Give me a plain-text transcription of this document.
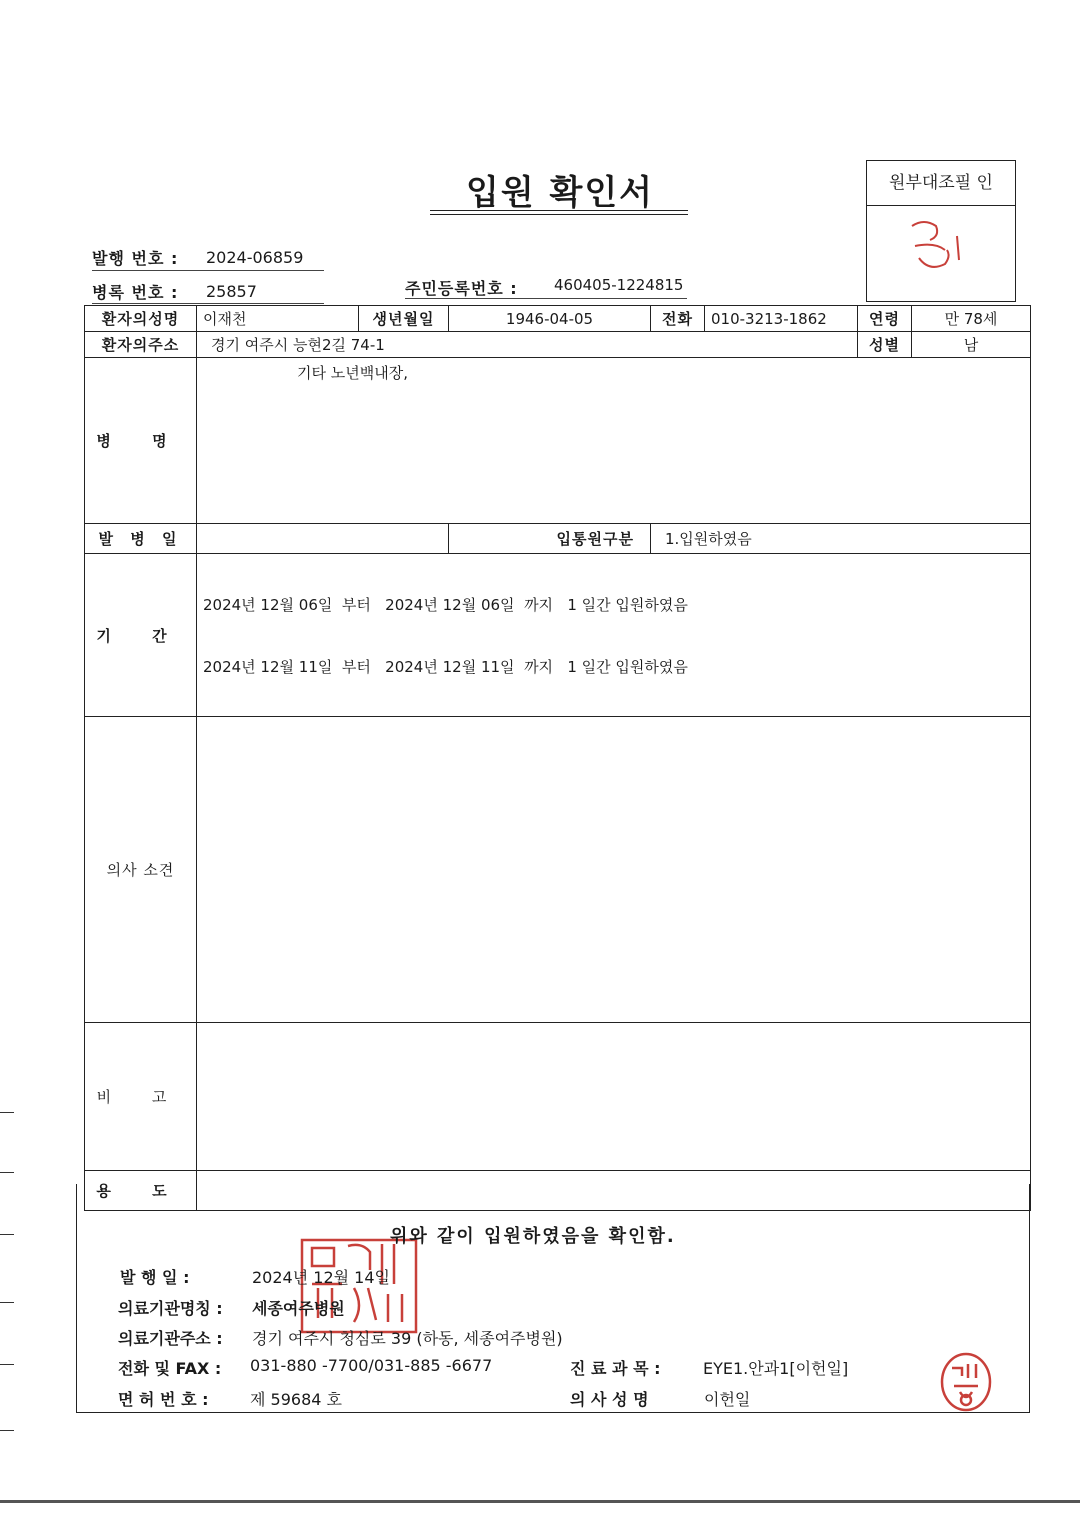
입원 확인서	원부대조필 인
발행 번호 : 2024-06859
병록 번호 : 25857	주민등록번호 : 460405-1224815
환자의성명	이재천	생년월일	1946-04-05	전화	010-3213-1862	연령	만 78세
환자의주소	경기 여주시 능현2길 74-1					성별	남
병 명	기타 노년백내장,						
발 병 일			입통원구분	1.입원하였음			
기 간	2024년 12월 06일  부터   2024년 12월 06일  까지   1 일간 입원하였음

2024년 12월 11일  부터   2024년 12월 11일  까지   1 일간 입원하였음						

의사 소견							
비 고							
용 도							
위와 같이 입원하였음을 확인함.
발 행 일 :	2024년 12월 14일
의료기관명칭 : 세종여주병원
의료기관주소 : 경기 여주시 청심로 39 (하동, 세종여주병원)
전화 및 FAX : 031-880 -7700/031-885 -6677	진 료 과 목 :	EYE1.안과1[이헌일]
면 허 번 호 :	제 59684 호	의 사 성 명	이헌일
